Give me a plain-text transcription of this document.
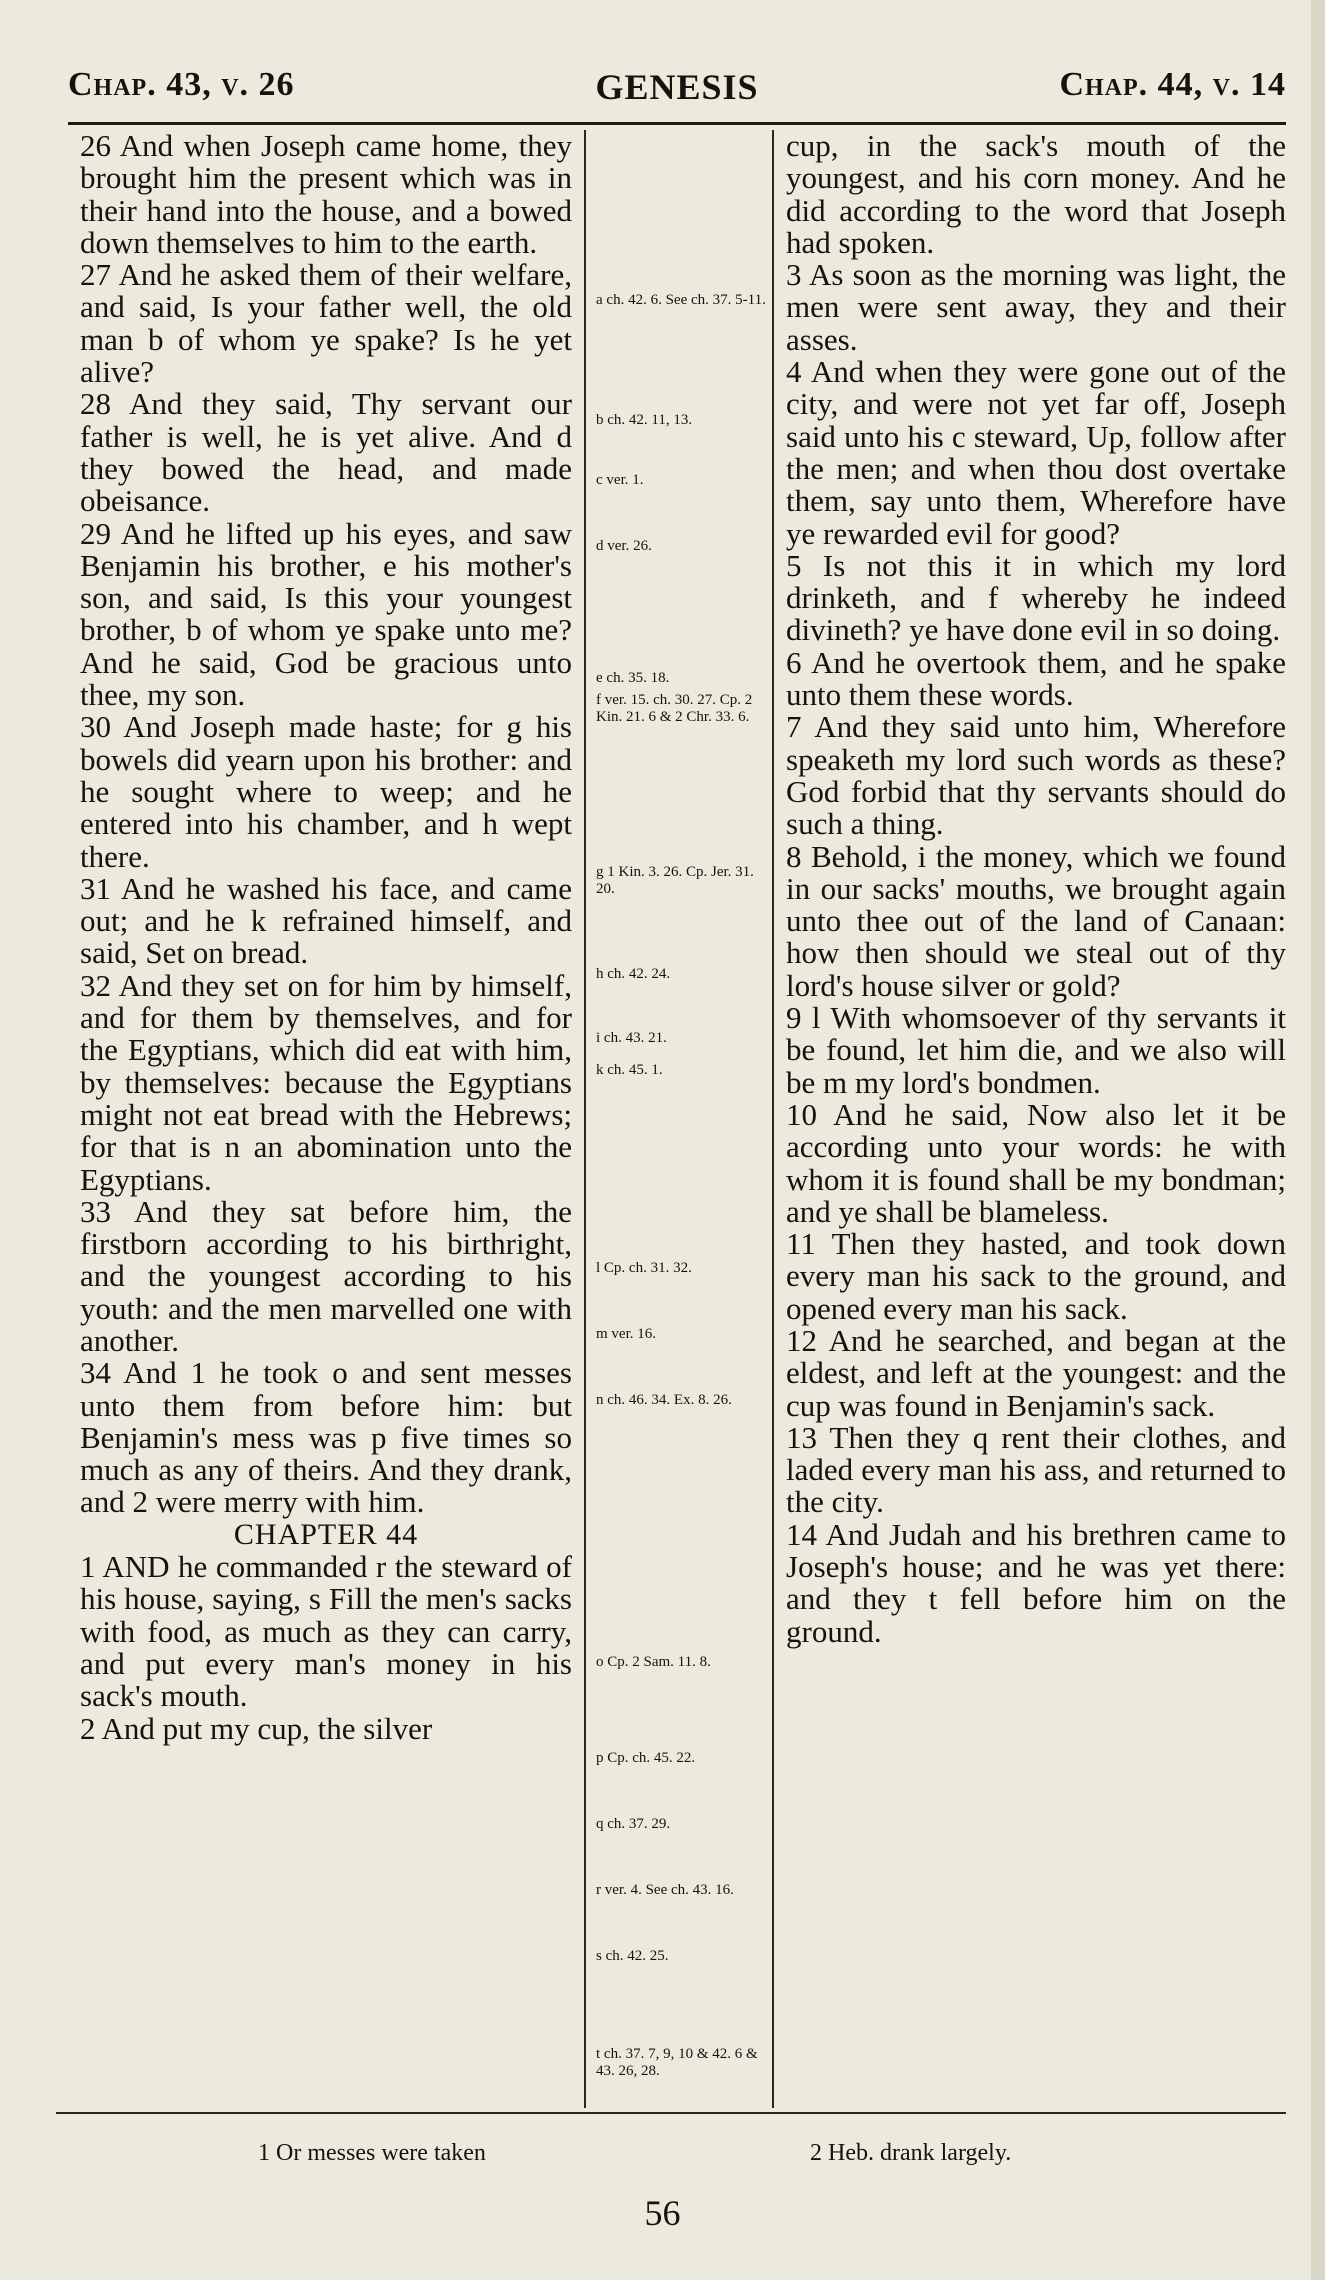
Chap. 43, v. 26	GENESIS	Chap. 44, v. 14

26 And when Joseph came home, they brought him the present which was in their hand into the house, and a bowed down themselves to him to the earth.

27 And he asked them of their welfare, and said, Is your father well, the old man b of whom ye spake? Is he yet alive?

28 And they said, Thy servant our father is well, he is yet alive. And d they bowed the head, and made obeisance.

29 And he lifted up his eyes, and saw Benjamin his brother, e his mother's son, and said, Is this your youngest brother, b of whom ye spake unto me? And he said, God be gracious unto thee, my son.

30 And Joseph made haste; for g his bowels did yearn upon his brother: and he sought where to weep; and he entered into his chamber, and h wept there.

31 And he washed his face, and came out; and he k refrained himself, and said, Set on bread.

32 And they set on for him by himself, and for them by themselves, and for the Egyptians, which did eat with him, by themselves: because the Egyptians might not eat bread with the Hebrews; for that is n an abomination unto the Egyptians.

33 And they sat before him, the firstborn according to his birthright, and the youngest according to his youth: and the men marvelled one with another.

34 And 1 he took o and sent messes unto them from before him: but Benjamin's mess was p five times so much as any of theirs. And they drank, and 2 were merry with him.

CHAPTER 44

1 AND he commanded r the steward of his house, saying, s Fill the men's sacks with food, as much as they can carry, and put every man's money in his sack's mouth.

2 And put my cup, the silver

a ch. 42. 6. See ch. 37. 5-11.
b ch. 42. 11, 13.
c ver. 1.
d ver. 26.
e ch. 35. 18.
f ver. 15. ch. 30. 27. Cp. 2 Kin. 21. 6 & 2 Chr. 33. 6.
g 1 Kin. 3. 26. Cp. Jer. 31. 20.
h ch. 42. 24.
i ch. 43. 21.
k ch. 45. 1.
l Cp. ch. 31. 32.
m ver. 16.
n ch. 46. 34. Ex. 8. 26.
o Cp. 2 Sam. 11. 8.
p Cp. ch. 45. 22.
q ch. 37. 29.
r ver. 4. See ch. 43. 16.
s ch. 42. 25.
t ch. 37. 7, 9, 10 & 42. 6 & 43. 26, 28.

cup, in the sack's mouth of the youngest, and his corn money. And he did according to the word that Joseph had spoken.

3 As soon as the morning was light, the men were sent away, they and their asses.

4 And when they were gone out of the city, and were not yet far off, Joseph said unto his c steward, Up, follow after the men; and when thou dost overtake them, say unto them, Wherefore have ye rewarded evil for good?

5 Is not this it in which my lord drinketh, and f whereby he indeed divineth? ye have done evil in so doing.

6 And he overtook them, and he spake unto them these words.

7 And they said unto him, Wherefore speaketh my lord such words as these? God forbid that thy servants should do such a thing.

8 Behold, i the money, which we found in our sacks' mouths, we brought again unto thee out of the land of Canaan: how then should we steal out of thy lord's house silver or gold?

9 l With whomsoever of thy servants it be found, let him die, and we also will be m my lord's bondmen.

10 And he said, Now also let it be according unto your words: he with whom it is found shall be my bondman; and ye shall be blameless.

11 Then they hasted, and took down every man his sack to the ground, and opened every man his sack.

12 And he searched, and began at the eldest, and left at the youngest: and the cup was found in Benjamin's sack.

13 Then they q rent their clothes, and laded every man his ass, and returned to the city.

14 And Judah and his brethren came to Joseph's house; and he was yet there: and they t fell before him on the ground.

1 Or messes were taken	2 Heb. drank largely.
56
